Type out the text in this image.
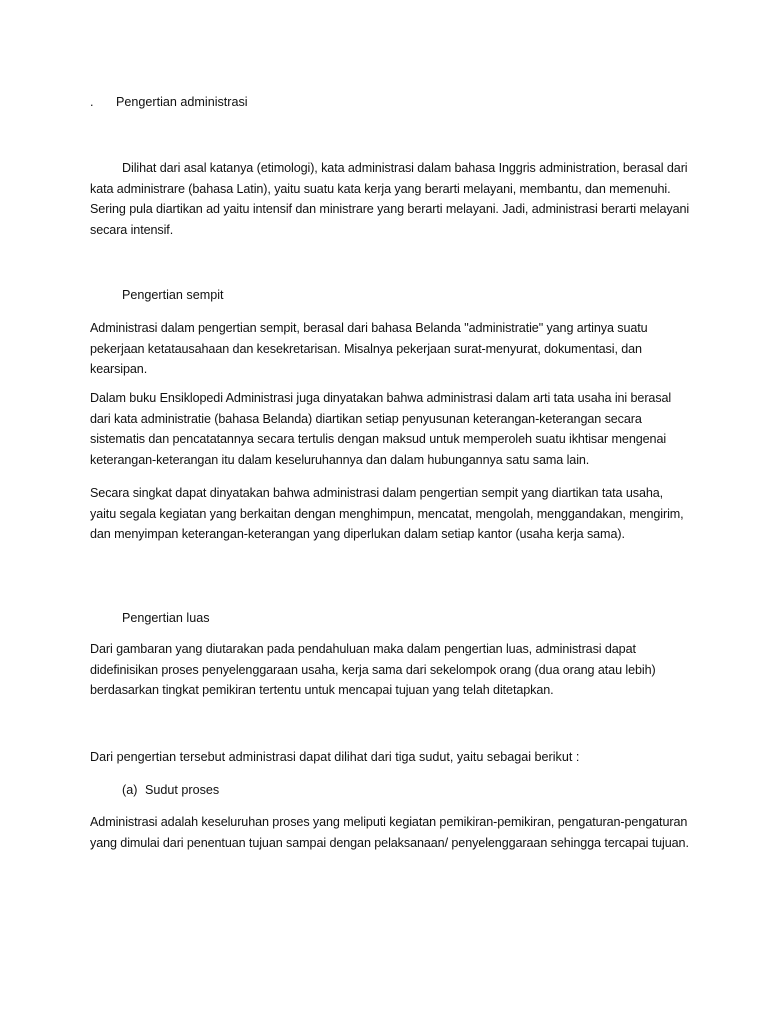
. Pengertian administrasi

Dilihat dari asal katanya (etimologi), kata administrasi dalam bahasa Inggris administration, berasal dari kata administrare (bahasa Latin), yaitu suatu kata kerja yang berarti melayani, membantu, dan memenuhi. Sering pula diartikan ad yaitu intensif dan ministrare yang berarti melayani. Jadi, administrasi berarti melayani secara intensif.

Pengertian sempit

Administrasi dalam pengertian sempit, berasal dari bahasa Belanda "administratie" yang artinya suatu pekerjaan ketatausahaan dan kesekretarisan. Misalnya pekerjaan surat-menyurat, dokumentasi, dan kearsipan.

Dalam buku Ensiklopedi Administrasi juga dinyatakan bahwa administrasi dalam arti tata usaha ini berasal dari kata administratie (bahasa Belanda) diartikan setiap penyusunan keterangan-keterangan secara sistematis dan pencatatannya secara tertulis dengan maksud untuk memperoleh suatu ikhtisar mengenai keterangan-keterangan itu dalam keseluruhannya dan dalam hubungannya satu sama lain.

Secara singkat dapat dinyatakan bahwa administrasi dalam pengertian sempit yang diartikan tata usaha, yaitu segala kegiatan yang berkaitan dengan menghimpun, mencatat, mengolah, menggandakan, mengirim, dan menyimpan keterangan-keterangan yang diperlukan dalam setiap kantor (usaha kerja sama).

Pengertian luas

Dari gambaran yang diutarakan pada pendahuluan maka dalam pengertian luas, administrasi dapat didefinisikan proses penyelenggaraan usaha, kerja sama dari sekelompok orang (dua orang atau lebih) berdasarkan tingkat pemikiran tertentu untuk mencapai tujuan yang telah ditetapkan.

Dari pengertian tersebut administrasi dapat dilihat dari tiga sudut, yaitu sebagai berikut :

(a) Sudut proses

Administrasi adalah keseluruhan proses yang meliputi kegiatan pemikiran-pemikiran, pengaturan-pengaturan yang dimulai dari penentuan tujuan sampai dengan pelaksanaan/ penyelenggaraan sehingga tercapai tujuan.
